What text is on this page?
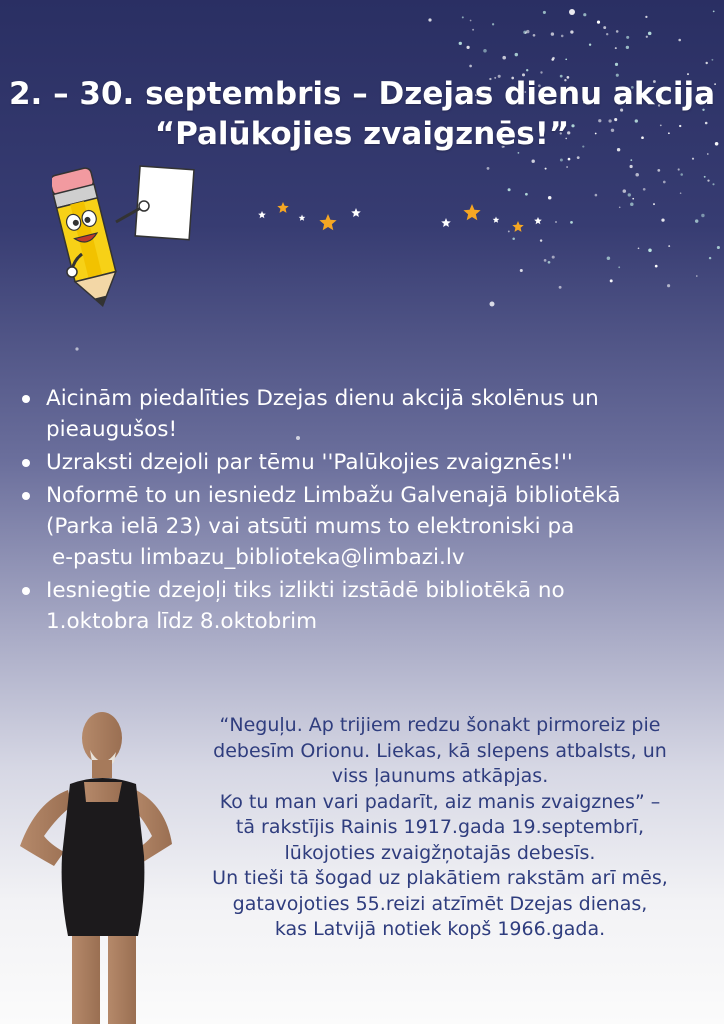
2. – 30. septembris – Dzejas dienu akcija
“Palūkojies zvaigznēs!”
Aicinām piedalīties Dzejas dienu akcijā skolēnus un
pieaugušos!
Uzraksti dzejoli par tēmu ''Palūkojies zvaigznēs!''
Noformē to un iesniedz Limbažu Galvenajā bibliotēkā
(Parka ielā 23) vai atsūti mums to elektroniski pa

e-pastu limbazu_biblioteka@limbazi.lv
Iesniegtie dzejoļi tiks izlikti izstādē bibliotēkā no
1.oktobra līdz 8.oktobrim
“Neguļu. Ap trijiem redzu šonakt pirmoreiz pie
debesīm Orionu. Liekas, kā slepens atbalsts, un
viss ļaunums atkāpjas.
Ko tu man vari padarīt, aiz manis zvaigznes” –
tā rakstījis Rainis 1917.gada 19.septembrī,
lūkojoties zvaigžņotajās debesīs.
Un tieši tā šogad uz plakātiem rakstām arī mēs,
gatavojoties 55.reizi atzīmēt Dzejas dienas,
kas Latvijā notiek kopš 1966.gada.
